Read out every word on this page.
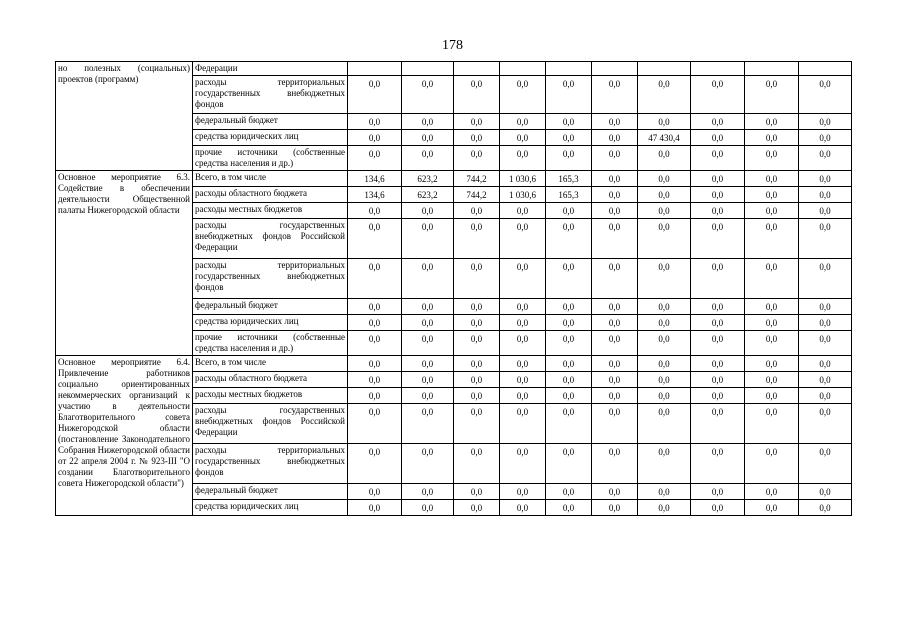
178
но полезных (социальных) проектов (программ)	Федерации										
	расходы территориальных государственных внебюджетных фондов	0,0	0,0	0,0	0,0	0,0	0,0	0,0	0,0	0,0	0,0
	федеральный бюджет	0,0	0,0	0,0	0,0	0,0	0,0	0,0	0,0	0,0	0,0
	средства юридических лиц	0,0	0,0	0,0	0,0	0,0	0,0	47 430,4	0,0	0,0	0,0
	прочие источники (собственные средства населения и др.)	0,0	0,0	0,0	0,0	0,0	0,0	0,0	0,0	0,0	0,0
Основное мероприятие 6.3. Содействие в обеспечении деятельности Общественной палаты Нижегородской области	Всего, в том числе	134,6	623,2	744,2	1 030,6	165,3	0,0	0,0	0,0	0,0	0,0
	расходы областного бюджета	134,6	623,2	744,2	1 030,6	165,3	0,0	0,0	0,0	0,0	0,0
	расходы местных бюджетов	0,0	0,0	0,0	0,0	0,0	0,0	0,0	0,0	0,0	0,0
	расходы государственных внебюджетных фондов Российской Федерации	0,0	0,0	0,0	0,0	0,0	0,0	0,0	0,0	0,0	0,0
	расходы территориальных государственных внебюджетных фондов	0,0	0,0	0,0	0,0	0,0	0,0	0,0	0,0	0,0	0,0
	федеральный бюджет	0,0	0,0	0,0	0,0	0,0	0,0	0,0	0,0	0,0	0,0
	средства юридических лиц	0,0	0,0	0,0	0,0	0,0	0,0	0,0	0,0	0,0	0,0
	прочие источники (собственные средства населения и др.)	0,0	0,0	0,0	0,0	0,0	0,0	0,0	0,0	0,0	0,0
Основное мероприятие 6.4. Привлечение работников социально ориентированных некоммерческих организаций к участию в деятельности Благотворительного совета Нижегородской области (постановление Законодательного Собрания Нижегородской области от 22 апреля 2004 г. № 923-III "О создании Благотворительного совета Нижегородской области")	Всего, в том числе	0,0	0,0	0,0	0,0	0,0	0,0	0,0	0,0	0,0	0,0
	расходы областного бюджета	0,0	0,0	0,0	0,0	0,0	0,0	0,0	0,0	0,0	0,0
	расходы местных бюджетов	0,0	0,0	0,0	0,0	0,0	0,0	0,0	0,0	0,0	0,0
	расходы государственных внебюджетных фондов Российской Федерации	0,0	0,0	0,0	0,0	0,0	0,0	0,0	0,0	0,0	0,0
	расходы территориальных государственных внебюджетных фондов	0,0	0,0	0,0	0,0	0,0	0,0	0,0	0,0	0,0	0,0
	федеральный бюджет	0,0	0,0	0,0	0,0	0,0	0,0	0,0	0,0	0,0	0,0
	средства юридических лиц	0,0	0,0	0,0	0,0	0,0	0,0	0,0	0,0	0,0	0,0
